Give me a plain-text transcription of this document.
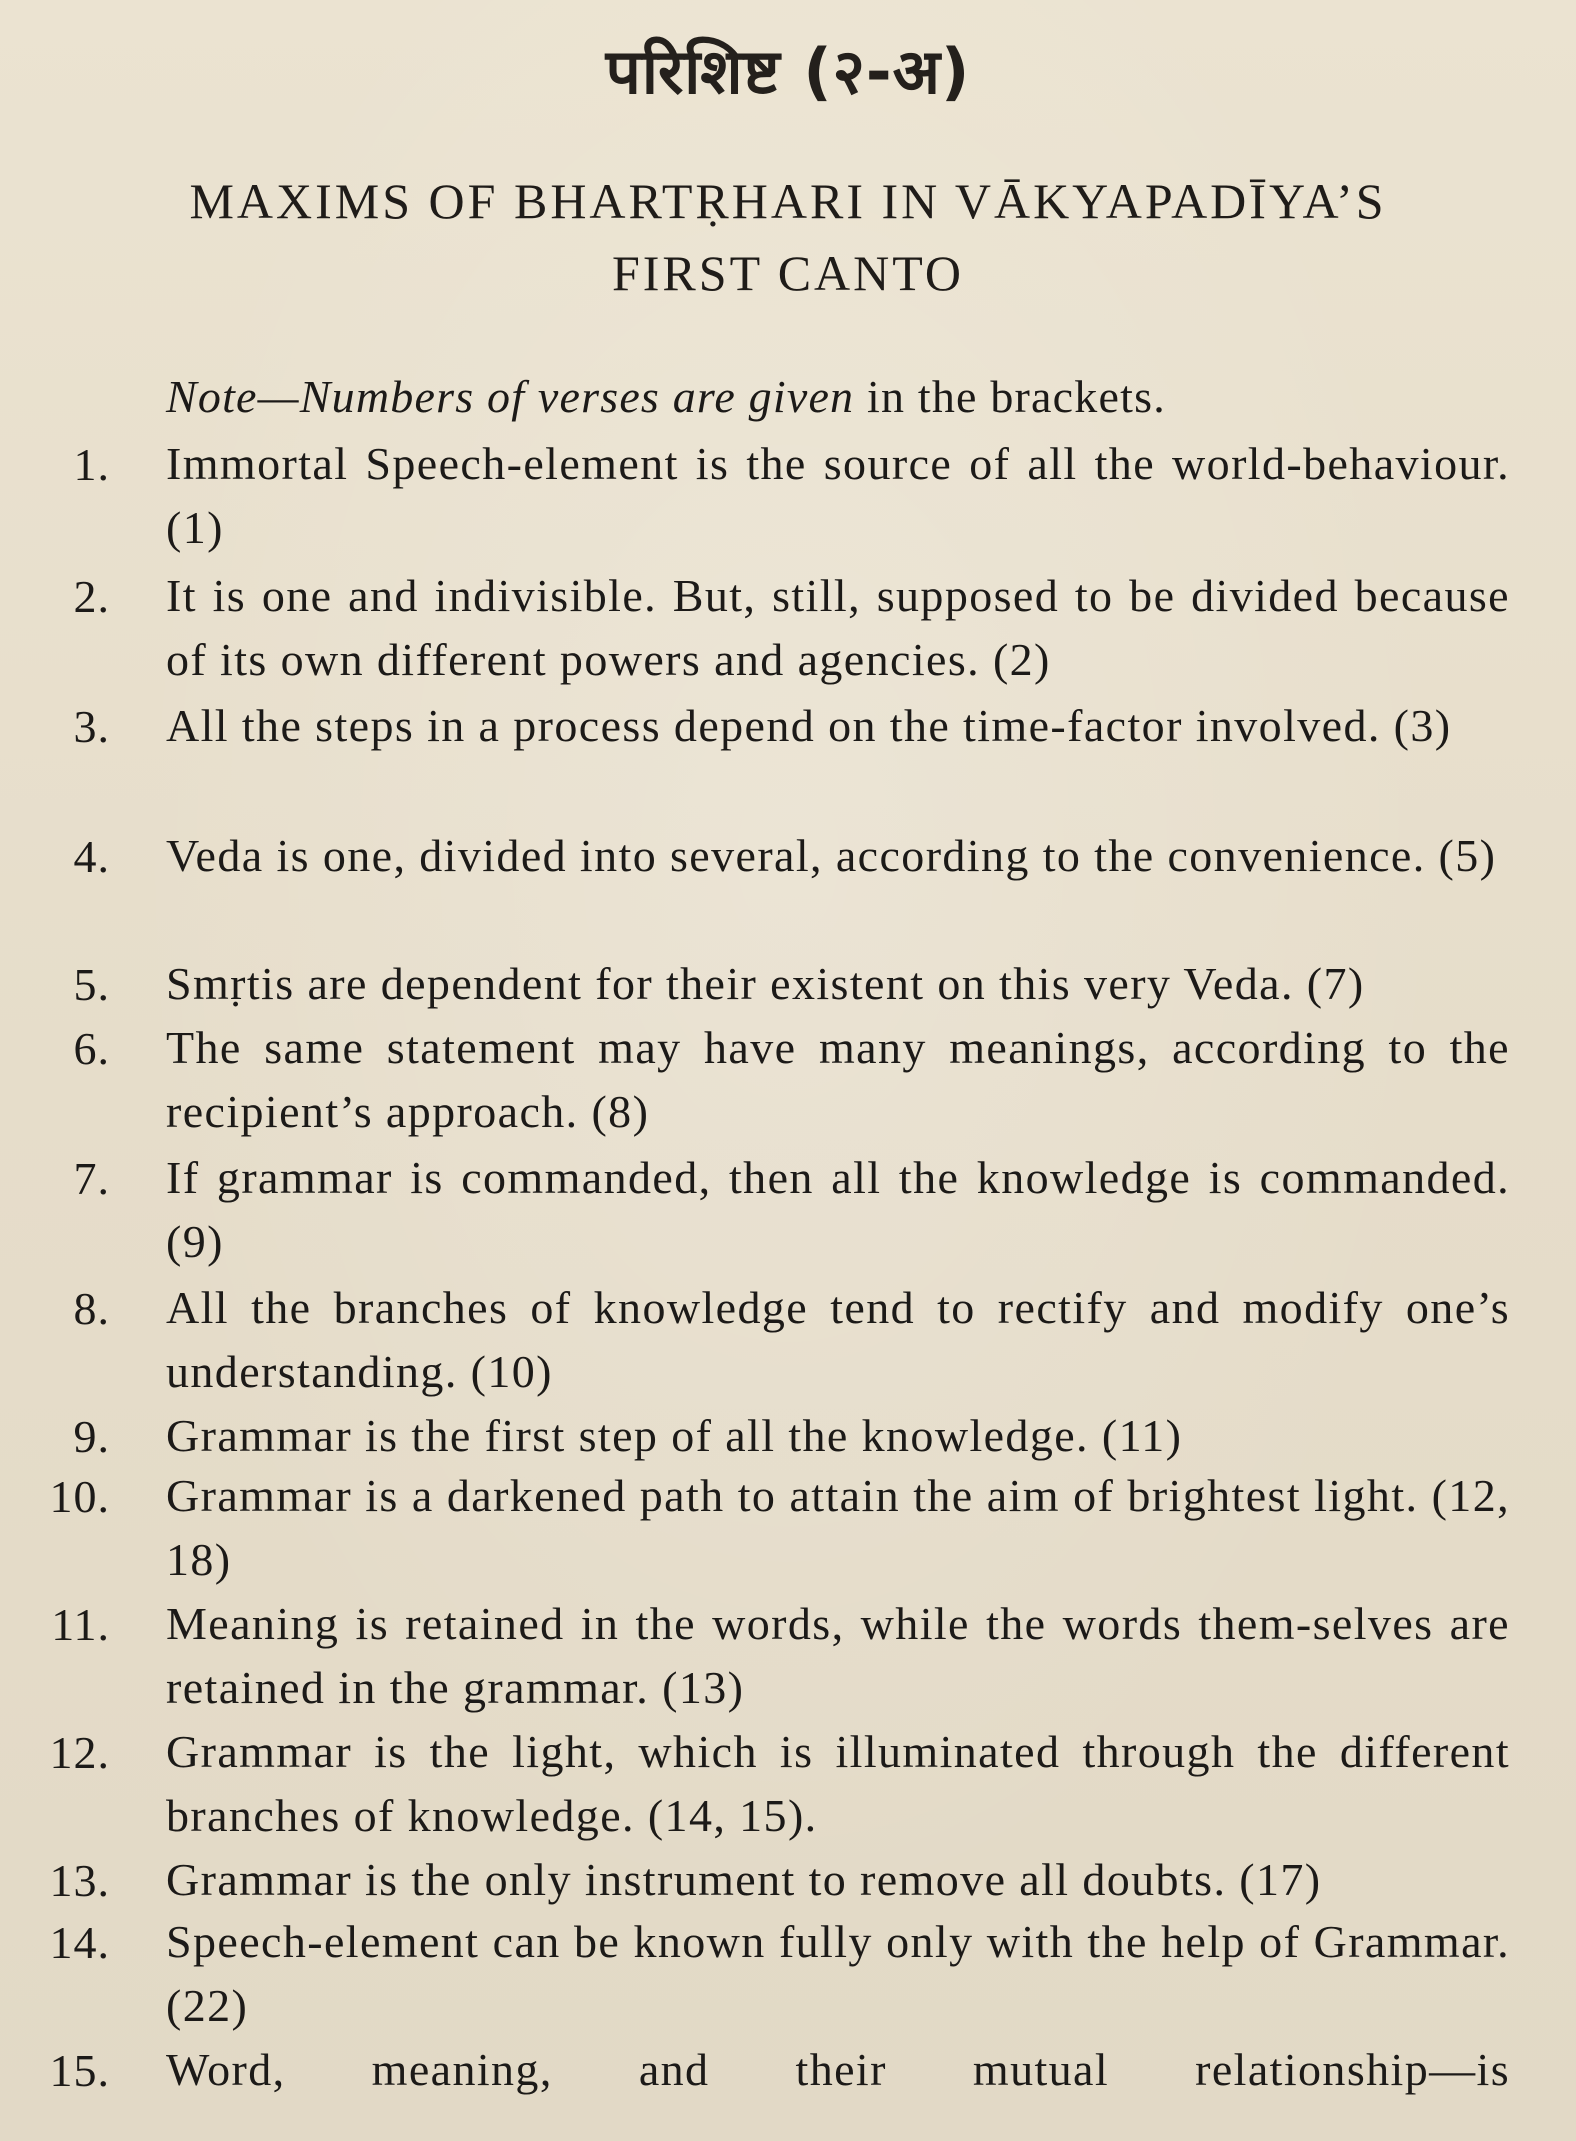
परिशिष्ट (२-अ)
MAXIMS OF BHARTṚHARI IN VĀKYAPADĪYA’S
FIRST CANTO
Note—Numbers of verses are given in the brackets.
1. Immortal Speech-element is the source of all the world-behaviour. (1)
2. It is one and indivisible. But, still, supposed to be divided because of its own different powers and agencies. (2)
3. All the steps in a process depend on the time-factor involved. (3)
4. Veda is one, divided into several, according to the convenience. (5)
5. Smṛtis are dependent for their existent on this very Veda. (7)
6. The same statement may have many meanings, according to the recipient’s approach. (8)
7. If grammar is commanded, then all the knowledge is commanded. (9)
8. All the branches of knowledge tend to rectify and modify one’s understanding. (10)
9. Grammar is the first step of all the knowledge. (11)
10. Grammar is a darkened path to attain the aim of brightest light. (12, 18)
11. Meaning is retained in the words, while the words them-selves are retained in the grammar. (13)
12. Grammar is the light, which is illuminated through the different branches of knowledge. (14, 15).
13. Grammar is the only instrument to remove all doubts. (17)
14. Speech-element can be known fully only with the help of Grammar. (22)
15. Word, meaning, and their mutual relationship—is
